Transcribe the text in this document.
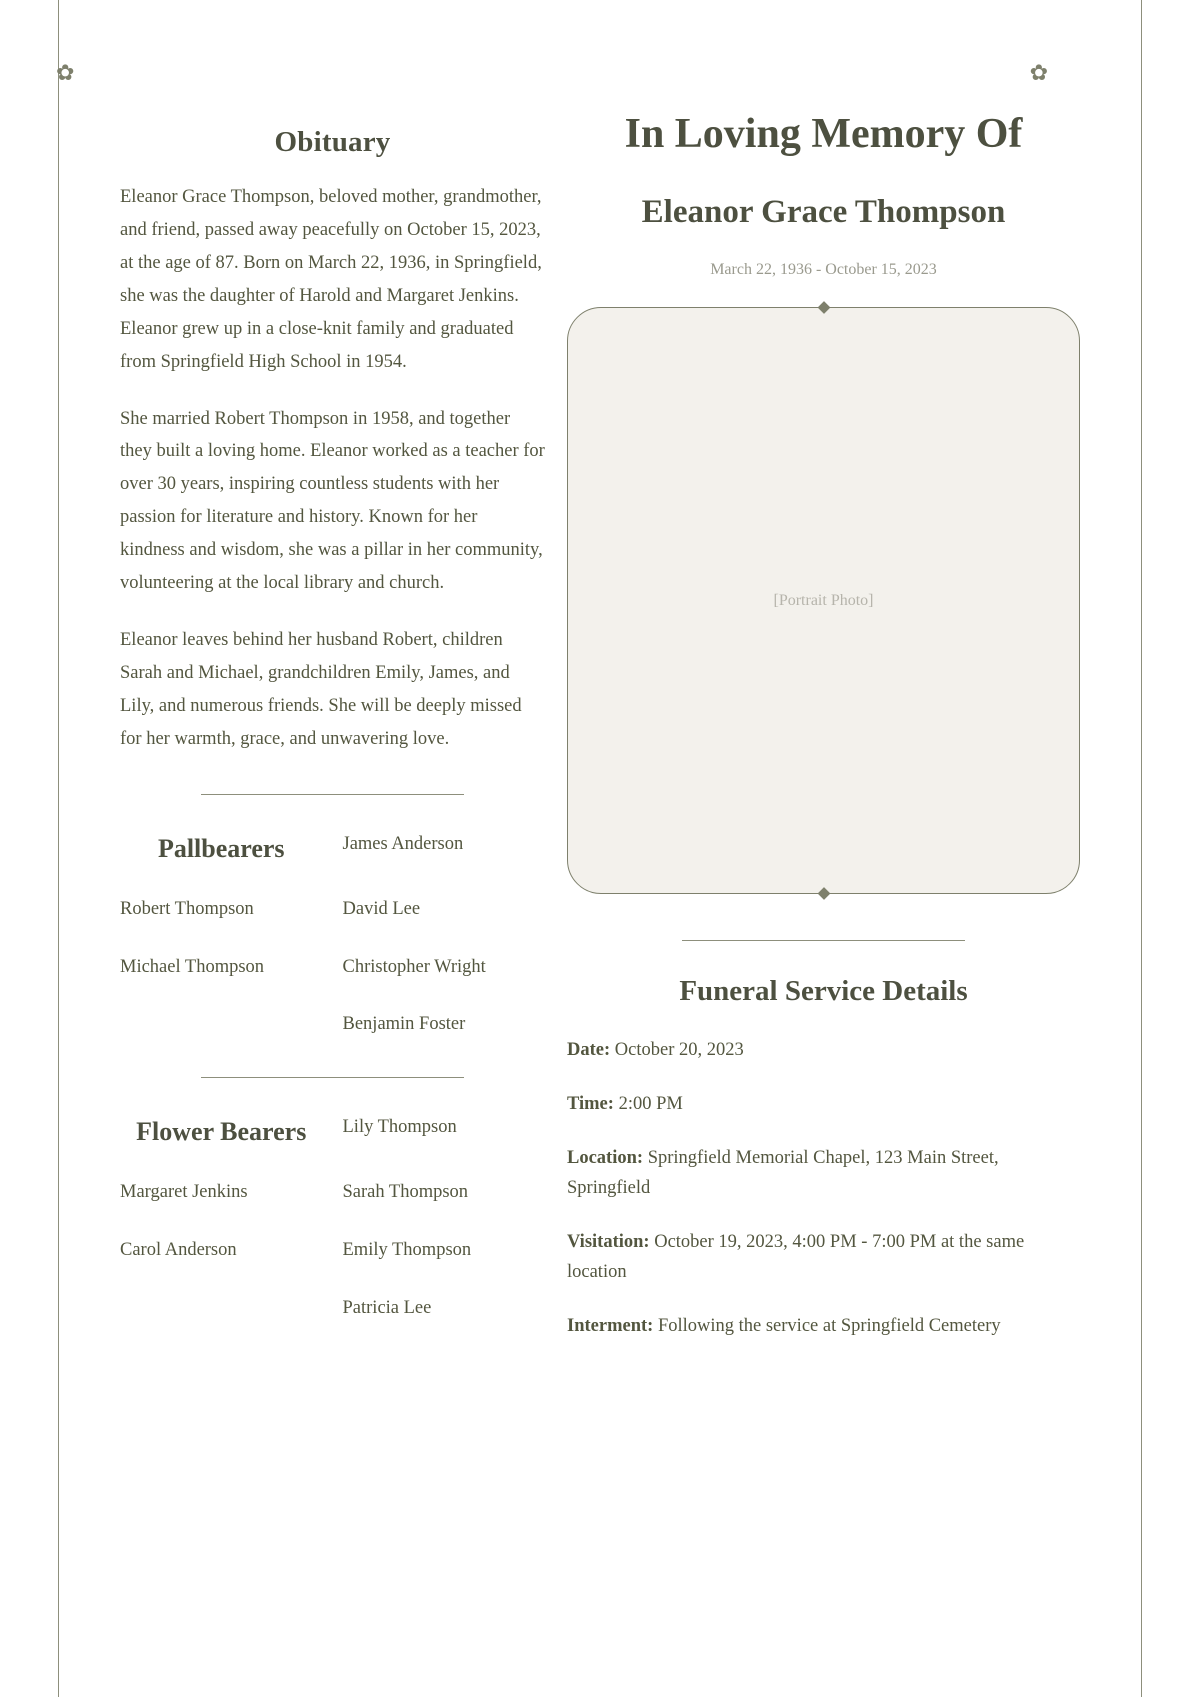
✿	✿
Obituary

Eleanor Grace Thompson, beloved mother, grandmother, and friend, passed away peacefully on October 15, 2023, at the age of 87. Born on March 22, 1936, in Springfield, she was the daughter of Harold and Margaret Jenkins. Eleanor grew up in a close-knit family and graduated from Springfield High School in 1954.

She married Robert Thompson in 1958, and together they built a loving home. Eleanor worked as a teacher for over 30 years, inspiring countless students with her passion for literature and history. Known for her kindness and wisdom, she was a pillar in her community, volunteering at the local library and church.

Eleanor leaves behind her husband Robert, children Sarah and Michael, grandchildren Emily, James, and Lily, and numerous friends. She will be deeply missed for her warmth, grace, and unwavering love.

Pallbearers	James Anderson
Robert Thompson	David Lee
Michael Thompson	Christopher Wright
Benjamin Foster
Flower Bearers	Lily Thompson
Margaret Jenkins	Sarah Thompson
Carol Anderson	Emily Thompson
Patricia Lee
In Loving Memory Of
Eleanor Grace Thompson
March 22, 1936 - October 15, 2023
[Portrait Photo]
Funeral Service Details

Date: October 20, 2023

Time: 2:00 PM

Location: Springfield Memorial Chapel, 123 Main Street, Springfield

Visitation: October 19, 2023, 4:00 PM - 7:00 PM at the same location

Interment: Following the service at Springfield Cemetery
